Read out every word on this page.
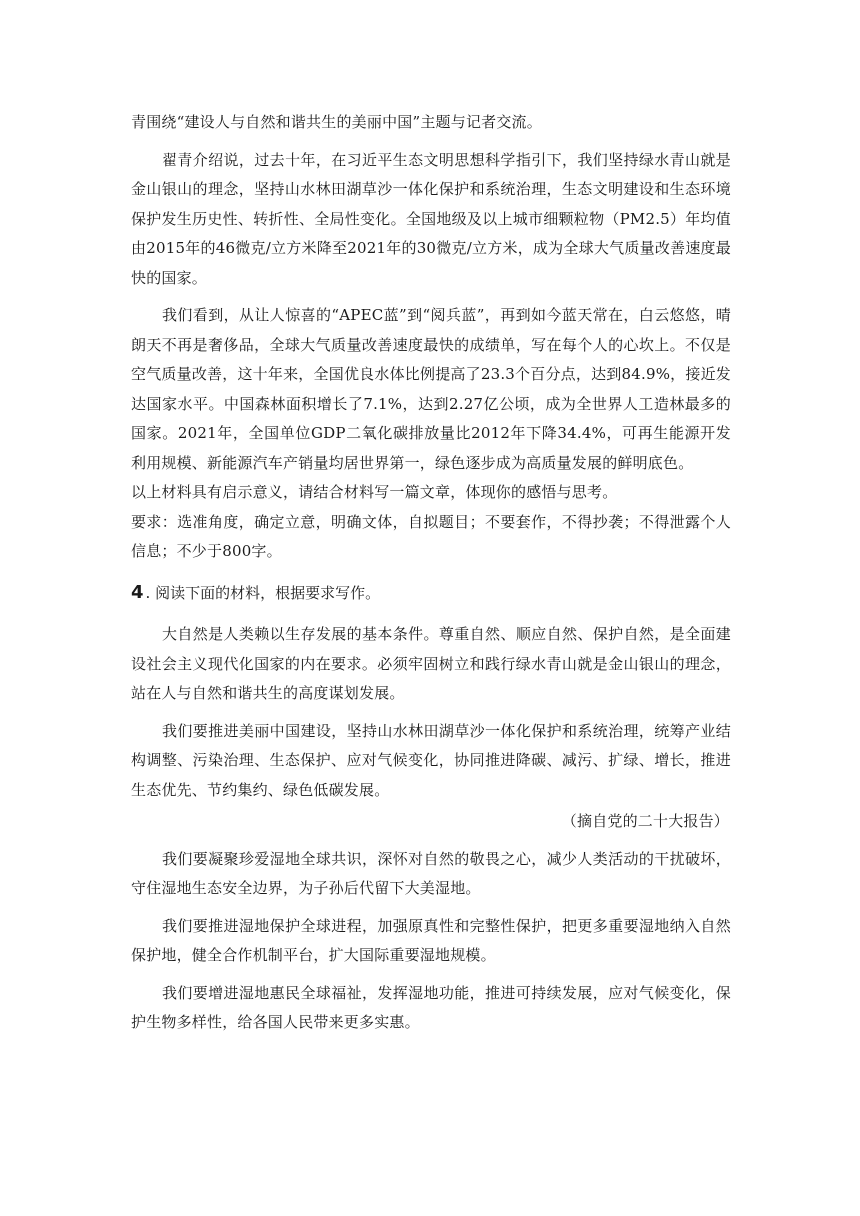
青围绕“建设人与自然和谐共生的美丽中国”主题与记者交流。

翟青介绍说，过去十年，在习近平生态文明思想科学指引下，我们坚持绿水青山就是金山银山的理念，坚持山水林田湖草沙一体化保护和系统治理，生态文明建设和生态环境保护发生历史性、转折性、全局性变化。全国地级及以上城市细颗粒物（PM2.5）年均值由2015年的46微克/立方米降至2021年的30微克/立方米，成为全球大气质量改善速度最快的国家。

我们看到，从让人惊喜的“APEC蓝”到“阅兵蓝”，再到如今蓝天常在，白云悠悠，晴朗天不再是奢侈品，全球大气质量改善速度最快的成绩单，写在每个人的心坎上。不仅是空气质量改善，这十年来，全国优良水体比例提高了23.3个百分点，达到84.9%，接近发达国家水平。中国森林面积增长了7.1%，达到2.27亿公顷，成为全世界人工造林最多的国家。2021年，全国单位GDP二氧化碳排放量比2012年下降34.4%，可再生能源开发利用规模、新能源汽车产销量均居世界第一，绿色逐步成为高质量发展的鲜明底色。

以上材料具有启示意义，请结合材料写一篇文章，体现你的感悟与思考。

要求：选准角度，确定立意，明确文体，自拟题目；不要套作，不得抄袭；不得泄露个人信息；不少于800字。

4 . 阅读下面的材料，根据要求写作。

大自然是人类赖以生存发展的基本条件。尊重自然、顺应自然、保护自然，是全面建设社会主义现代化国家的内在要求。必须牢固树立和践行绿水青山就是金山银山的理念，站在人与自然和谐共生的高度谋划发展。

我们要推进美丽中国建设，坚持山水林田湖草沙一体化保护和系统治理，统筹产业结构调整、污染治理、生态保护、应对气候变化，协同推进降碳、减污、扩绿、增长，推进生态优先、节约集约、绿色低碳发展。

（摘自党的二十大报告）

我们要凝聚珍爱湿地全球共识，深怀对自然的敬畏之心，减少人类活动的干扰破坏，守住湿地生态安全边界，为子孙后代留下大美湿地。

我们要推进湿地保护全球进程，加强原真性和完整性保护，把更多重要湿地纳入自然保护地，健全合作机制平台，扩大国际重要湿地规模。

我们要增进湿地惠民全球福祉，发挥湿地功能，推进可持续发展，应对气候变化，保护生物多样性，给各国人民带来更多实惠。
